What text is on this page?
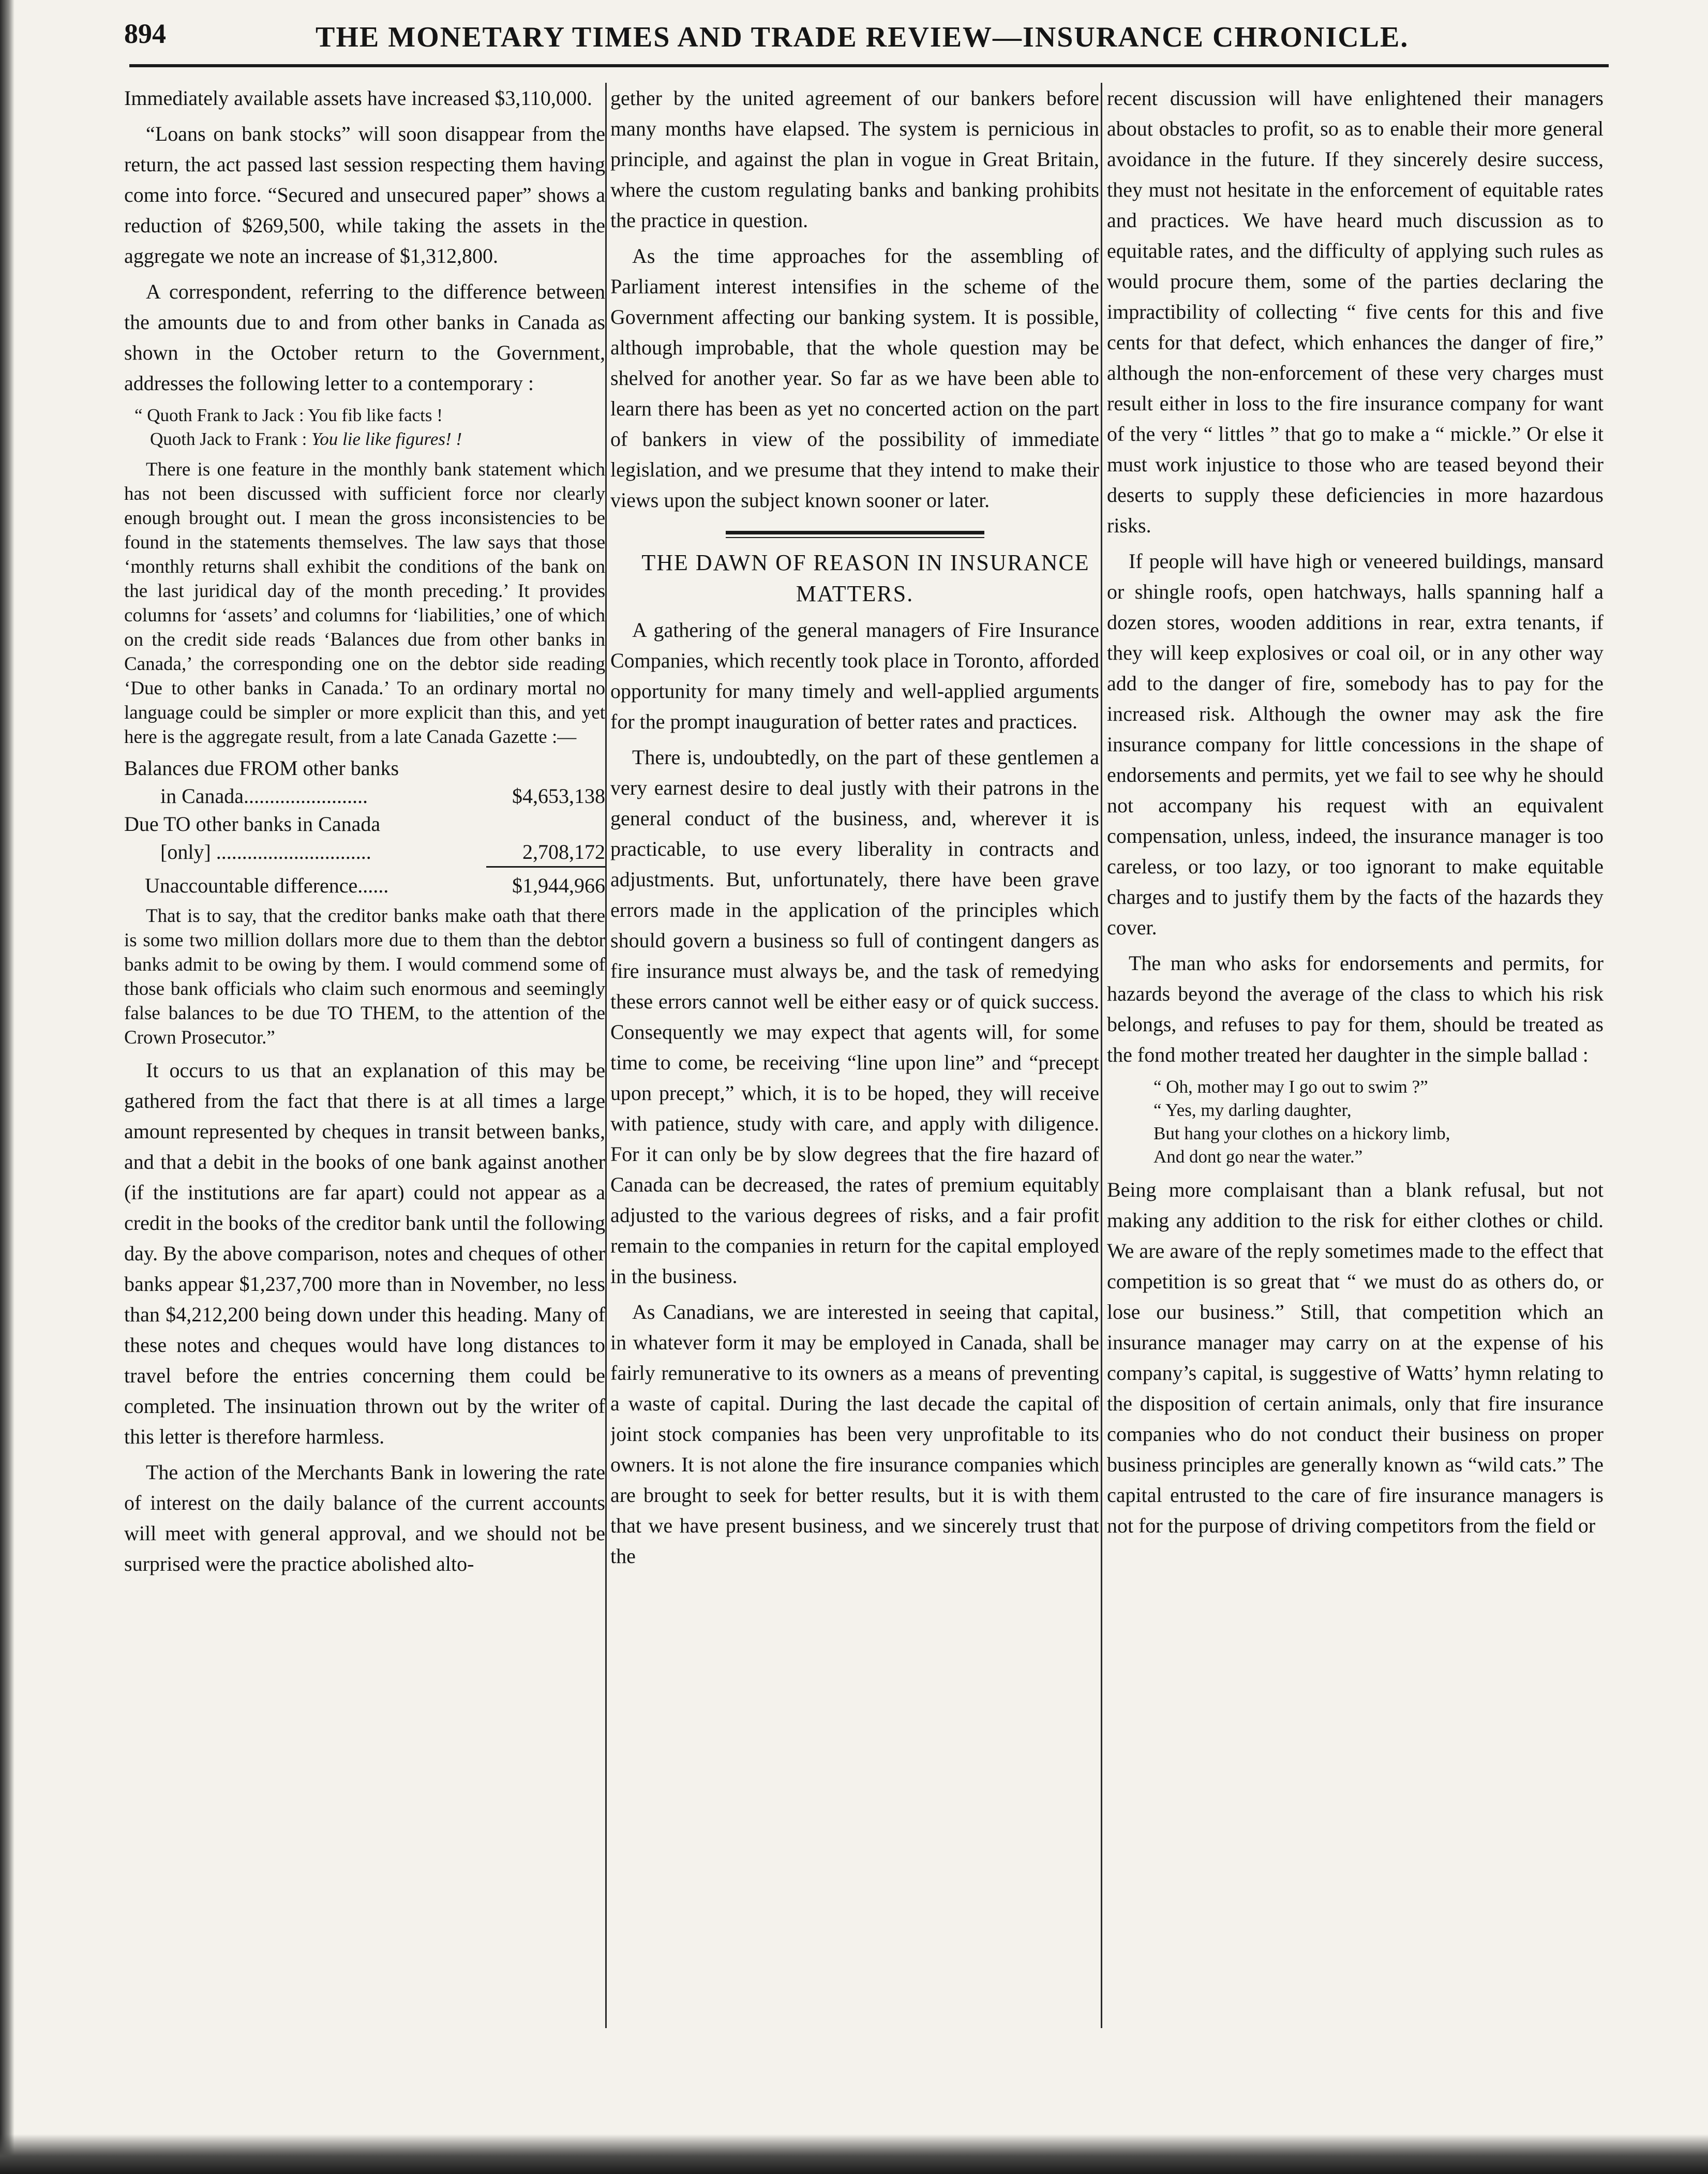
894	THE MONETARY TIMES AND TRADE REVIEW—INSURANCE CHRONICLE.

Immediately available assets have increased $3,110,000.

“Loans on bank stocks” will soon disappear from the return, the act passed last session respecting them having come into force. “Secured and unsecured paper” shows a reduction of $269,500, while taking the assets in the aggregate we note an increase of $1,312,800.

A correspondent, referring to the difference between the amounts due to and from other banks in Canada as shown in the October return to the Government, addresses the following letter to a contemporary :

“ Quoth Frank to Jack : You fib like facts !
Quoth Jack to Frank : You lie like figures! !

There is one feature in the monthly bank statement which has not been discussed with sufficient force nor clearly enough brought out. I mean the gross inconsistencies to be found in the statements themselves. The law says that those ‘monthly returns shall exhibit the conditions of the bank on the last juridical day of the month preceding.’ It provides columns for ‘assets’ and columns for ‘liabilities,’ one of which on the credit side reads ‘Balances due from other banks in Canada,’ the corresponding one on the debtor side reading ‘Due to other banks in Canada.’ To an ordinary mortal no language could be simpler or more explicit than this, and yet here is the aggregate result, from a late Canada Gazette :—

Balances due FROM other banks
in Canada........................	$4,653,138
Due TO other banks in Canada
[only] ..............................	2,708,172
Unaccountable difference......	$1,944,966

That is to say, that the creditor banks make oath that there is some two million dollars more due to them than the debtor banks admit to be owing by them. I would commend some of those bank officials who claim such enormous and seemingly false balances to be due TO THEM, to the attention of the Crown Prosecutor.”

It occurs to us that an explanation of this may be gathered from the fact that there is at all times a large amount represented by cheques in transit between banks, and that a debit in the books of one bank against another (if the institutions are far apart) could not appear as a credit in the books of the creditor bank until the following day. By the above comparison, notes and cheques of other banks appear $1,237,700 more than in November, no less than $4,212,200 being down under this heading. Many of these notes and cheques would have long distances to travel before the entries concerning them could be completed. The insinuation thrown out by the writer of this letter is therefore harmless.

The action of the Merchants Bank in lowering the rate of interest on the daily balance of the current accounts will meet with general approval, and we should not be surprised were the practice abolished alto-

gether by the united agreement of our bankers before many months have elapsed. The system is pernicious in principle, and against the plan in vogue in Great Britain, where the custom regulating banks and banking prohibits the practice in question.

As the time approaches for the assembling of Parliament interest intensifies in the scheme of the Government affecting our banking system. It is possible, although improbable, that the whole question may be shelved for another year. So far as we have been able to learn there has been as yet no concerted action on the part of bankers in view of the possibility of immediate legislation, and we presume that they intend to make their views upon the subject known sooner or later.

THE DAWN OF REASON IN INSURANCE MATTERS.

A gathering of the general managers of Fire Insurance Companies, which recently took place in Toronto, afforded opportunity for many timely and well-applied arguments for the prompt inauguration of better rates and practices.

There is, undoubtedly, on the part of these gentlemen a very earnest desire to deal justly with their patrons in the general conduct of the business, and, wherever it is practicable, to use every liberality in contracts and adjustments. But, unfortunately, there have been grave errors made in the application of the principles which should govern a business so full of contingent dangers as fire insurance must always be, and the task of remedying these errors cannot well be either easy or of quick success. Consequently we may expect that agents will, for some time to come, be receiving “line upon line” and “precept upon precept,” which, it is to be hoped, they will receive with patience, study with care, and apply with diligence. For it can only be by slow degrees that the fire hazard of Canada can be decreased, the rates of premium equitably adjusted to the various degrees of risks, and a fair profit remain to the companies in return for the capital employed in the business.

As Canadians, we are interested in seeing that capital, in whatever form it may be employed in Canada, shall be fairly remunerative to its owners as a means of preventing a waste of capital. During the last decade the capital of joint stock companies has been very unprofitable to its owners. It is not alone the fire insurance companies which are brought to seek for better results, but it is with them that we have present business, and we sincerely trust that the

recent discussion will have enlightened their managers about obstacles to profit, so as to enable their more general avoidance in the future. If they sincerely desire success, they must not hesitate in the enforcement of equitable rates and practices. We have heard much discussion as to equitable rates, and the difficulty of applying such rules as would procure them, some of the parties declaring the impractibility of collecting “ five cents for this and five cents for that defect, which enhances the danger of fire,” although the non-enforcement of these very charges must result either in loss to the fire insurance company for want of the very “ littles ” that go to make a “ mickle.” Or else it must work injustice to those who are teased beyond their deserts to supply these deficiencies in more hazardous risks.

If people will have high or veneered buildings, mansard or shingle roofs, open hatchways, halls spanning half a dozen stores, wooden additions in rear, extra tenants, if they will keep explosives or coal oil, or in any other way add to the danger of fire, somebody has to pay for the increased risk. Although the owner may ask the fire insurance company for little concessions in the shape of endorsements and permits, yet we fail to see why he should not accompany his request with an equivalent compensation, unless, indeed, the insurance manager is too careless, or too lazy, or too ignorant to make equitable charges and to justify them by the facts of the hazards they cover.

The man who asks for endorsements and permits, for hazards beyond the average of the class to which his risk belongs, and refuses to pay for them, should be treated as the fond mother treated her daughter in the simple ballad :

“ Oh, mother may I go out to swim ?”
“ Yes, my darling daughter,
But hang your clothes on a hickory limb,
And dont go near the water.”

Being more complaisant than a blank refusal, but not making any addition to the risk for either clothes or child. We are aware of the reply sometimes made to the effect that competition is so great that “ we must do as others do, or lose our business.” Still, that competition which an insurance manager may carry on at the expense of his company’s capital, is suggestive of Watts’ hymn relating to the disposition of certain animals, only that fire insurance companies who do not conduct their business on proper business principles are generally known as “wild cats.” The capital entrusted to the care of fire insurance managers is not for the purpose of driving competitors from the field or
